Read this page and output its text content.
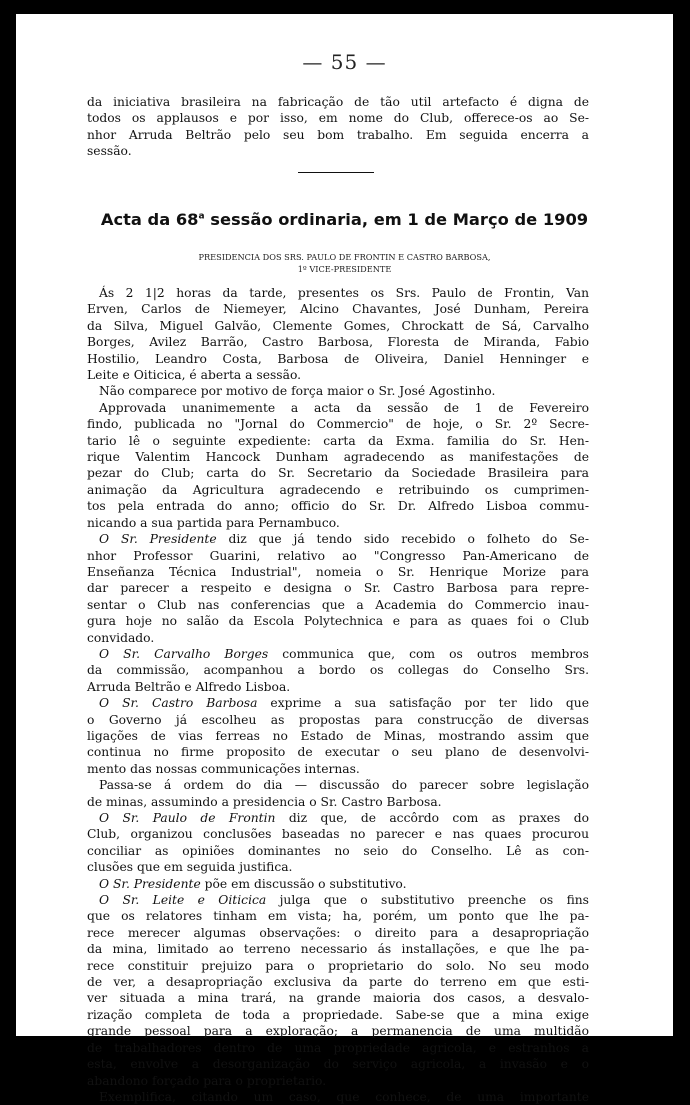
— 55 —

da iniciativa brasileira na fabricação de tão util artefacto é digna de

todos os applausos e por isso, em nome do Club, offerece-os ao Se-

nhor Arruda Beltrão pelo seu bom trabalho. Em seguida encerra a

sessão.

Acta da 68$^a$ sessão ordinaria, em 1 de Março de 1909

PRESIDENCIA DOS SRS. PAULO DE FRONTIN E CASTRO BARBOSA,

1º VICE-PRESIDENTE

Ás 2 1|2 horas da tarde, presentes os Srs. Paulo de Frontin, Van

Erven, Carlos de Niemeyer, Alcino Chavantes, José Dunham, Pereira

da Silva, Miguel Galvão, Clemente Gomes, Chrockatt de Sá, Carvalho

Borges, Avilez Barrão, Castro Barbosa, Floresta de Miranda, Fabio

Hostilio, Leandro Costa, Barbosa de Oliveira, Daniel Henninger e

Leite e Oiticica, é aberta a sessão.

Não comparece por motivo de força maior o Sr. José Agostinho.

Approvada unanimemente a acta da sessão de 1 de Fevereiro

findo, publicada no "Jornal do Commercio" de hoje, o Sr. 2º Secre-

tario lê o seguinte expediente: carta da Exma. familia do Sr. Hen-

rique Valentim Hancock Dunham agradecendo as manifestações de

pezar do Club; carta do Sr. Secretario da Sociedade Brasileira para

animação da Agricultura agradecendo e retribuindo os cumprimen-

tos pela entrada do anno; officio do Sr. Dr. Alfredo Lisboa commu-

nicando a sua partida para Pernambuco.

O Sr. Presidente diz que já tendo sido recebido o folheto do Se-

nhor Professor Guarini, relativo ao "Congresso Pan-Americano de

Enseñanza Técnica Industrial", nomeia o Sr. Henrique Morize para

dar parecer a respeito e designa o Sr. Castro Barbosa para repre-

sentar o Club nas conferencias que a Academia do Commercio inau-

gura hoje no salão da Escola Polytechnica e para as quaes foi o Club

convidado.

O Sr. Carvalho Borges communica que, com os outros membros

da commissão, acompanhou a bordo os collegas do Conselho Srs.

Arruda Beltrão e Alfredo Lisboa.

O Sr. Castro Barbosa exprime a sua satisfação por ter lido que

o Governo já escolheu as propostas para construcção de diversas

ligações de vias ferreas no Estado de Minas, mostrando assim que

continua no firme proposito de executar o seu plano de desenvolvi-

mento das nossas communicações internas.

Passa-se á ordem do dia — discussão do parecer sobre legislação

de minas, assumindo a presidencia o Sr. Castro Barbosa.

O Sr. Paulo de Frontin diz que, de accôrdo com as praxes do

Club, organizou conclusões baseadas no parecer e nas quaes procurou

conciliar as opiniões dominantes no seio do Conselho. Lê as con-

clusões que em seguida justifica.

O Sr. Presidente põe em discussão o substitutivo.

O Sr. Leite e Oiticica julga que o substitutivo preenche os fins

que os relatores tinham em vista; ha, porém, um ponto que lhe pa-

rece merecer algumas observações: o direito para a desapropriação

da mina, limitado ao terreno necessario ás installações, e que lhe pa-

rece constituir prejuizo para o proprietario do solo. No seu modo

de ver, a desapropriação exclusiva da parte do terreno em que esti-

ver situada a mina trará, na grande maioria dos casos, a desvalo-

rização completa de toda a propriedade. Sabe-se que a mina exige

grande pessoal para a exploração; a permanencia de uma multidão

de trabalhadores dentro de uma propriedade agricola, e estranhos a

esta, envolve a desorganização do serviço agricola, a invasão e o

abandono forçado para o proprietario.

Exemplifica, citando um caso, que conhece, de uma importante
